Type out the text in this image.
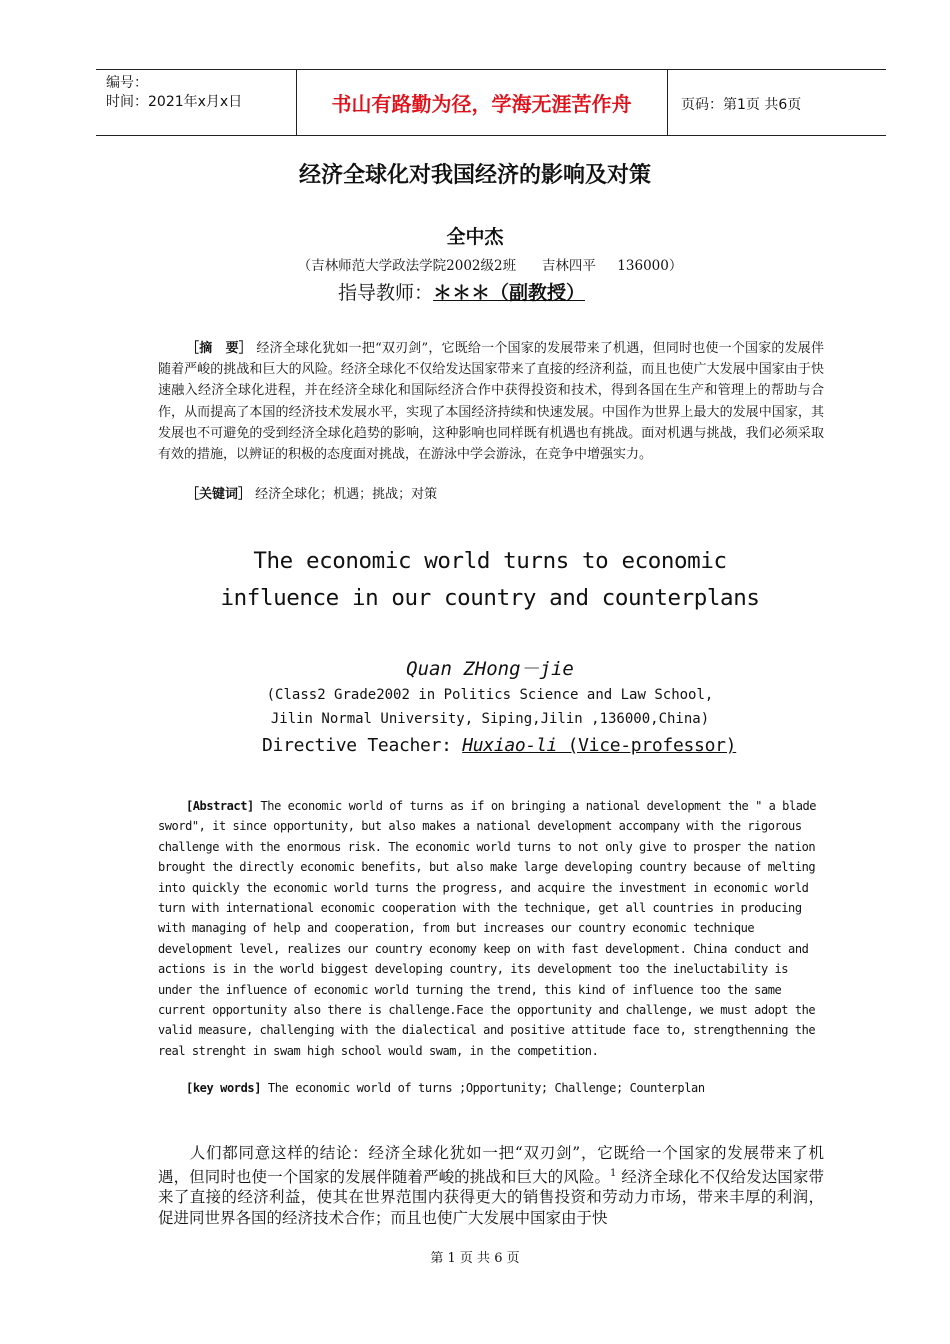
编号：
时间：2021年x月x日	书山有路勤为径，学海无涯苦作舟	页码：第1页 共6页
经济全球化对我国经济的影响及对策
全中杰
（吉林师范大学政法学院2002级2班      吉林四平     136000）
指导教师：＊＊＊（副教授）
［摘　要］ 经济全球化犹如一把“双刃剑”，它既给一个国家的发展带来了机遇，但同时也使一个国家的发展伴随着严峻的挑战和巨大的风险。经济全球化不仅给发达国家带来了直接的经济利益，而且也使广大发展中国家由于快速融入经济全球化进程，并在经济全球化和国际经济合作中获得投资和技术，得到各国在生产和管理上的帮助与合作，从而提高了本国的经济技术发展水平，实现了本国经济持续和快速发展。中国作为世界上最大的发展中国家，其发展也不可避免的受到经济全球化趋势的影响，这种影响也同样既有机遇也有挑战。面对机遇与挑战，我们必须采取有效的措施，以辨证的积极的态度面对挑战，在游泳中学会游泳，在竞争中增强实力。
［关键词］ 经济全球化；机遇；挑战；对策
The economic world turns to economic
influence in our country and counterplans
Quan ZHong－jie
(Class2 Grade2002 in Politics Science and Law School,
Jilin Normal University, Siping,Jilin ,136000,China)
Directive Teacher: Huxiao-li (Vice-professor)
[Abstract] The economic world of turns as if on bringing a national development the " a blade sword", it since opportunity, but also makes a national development accompany with the rigorous challenge with the enormous risk. The economic world turns to not only give to prosper the nation brought the directly economic benefits, but also make large developing country because of melting into quickly the economic world turns the progress, and acquire the investment in economic world turn with international economic cooperation with the technique, get all countries in producing with managing of help and cooperation, from but increases our country economic technique development level, realizes our country economy keep on with fast development. China conduct and actions is in the world biggest developing country, its development too the ineluctability is under the influence of economic world turning the trend, this kind of influence too the same current opportunity also there is challenge.Face the opportunity and challenge, we must adopt the valid measure, challenging with the dialectical and positive attitude face to, strengthenning the real strenght in swam high school would swam, in the competition.
[key words] The economic world of turns ;Opportunity; Challenge; Counterplan
人们都同意这样的结论：经济全球化犹如一把“双刃剑”，它既给一个国家的发展带来了机遇，但同时也使一个国家的发展伴随着严峻的挑战和巨大的风险。$^1$ 经济全球化不仅给发达国家带来了直接的经济利益，使其在世界范围内获得更大的销售投资和劳动力市场，带来丰厚的利润，促进同世界各国的经济技术合作；而且也使广大发展中国家由于快
第 1 页 共 6 页
